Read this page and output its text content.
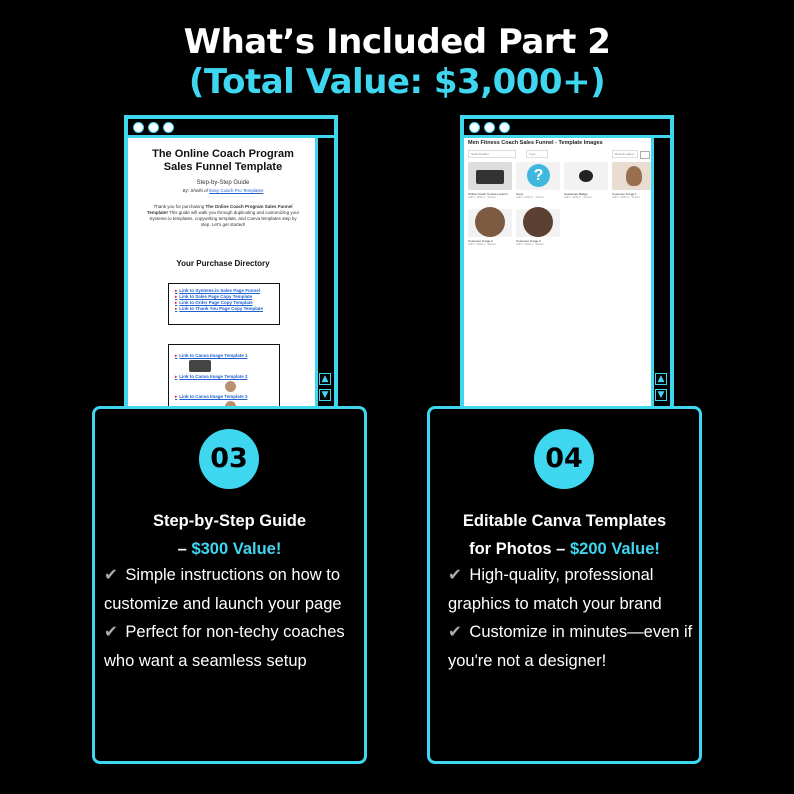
What’s Included Part 2
(Total Value: $3,000+)
The Online Coach Program Sales Funnel Template
Step-by-Step Guide
By: Shelbi of Easy Coach Pro Templates
Thank you for purchasing The Online Coach Program Sales Funnel Template! This guide will walk you through duplicating and customizing your Systeme.io templates, copywriting template, and Canva templates step by step. Let's get started!
Your Purchase Directory
▸ Link to Systeme.io Sales Page Funnel
▸ Link to Sales Page Copy Template
▸ Link to Order Page Copy Template
▸ Link to Thank You Page Copy Template
▸ Link to Canva Image Template 1
▸ Link to Canva Image Template 2
▸ Link to Canva Image Template 3
▲
▼
Men Fitness Coach Sales Funnel - Template Images
Search folder	Type	Recent edited
Online Coach Course Launch
1080 × 1080 px · Shared
?
Icons
1080 × 1080 px · Shared
Guarantee Badge
1080 × 1080 px · Shared
Customer Image 1
1080 × 1080 px · Shared
Customer Image 2
1080 × 1080 px · Shared
Customer Image 3
1080 × 1080 px · Shared
▲
▼
03
Step-by-Step Guide
– $300 Value!
✔ Simple instructions on how to customize and launch your page
✔ Perfect for non-techy coaches who want a seamless setup
04
Editable Canva Templates
for Photos – $200 Value!
✔ High-quality, professional graphics to match your brand
✔ Customize in minutes—even if you're not a designer!
